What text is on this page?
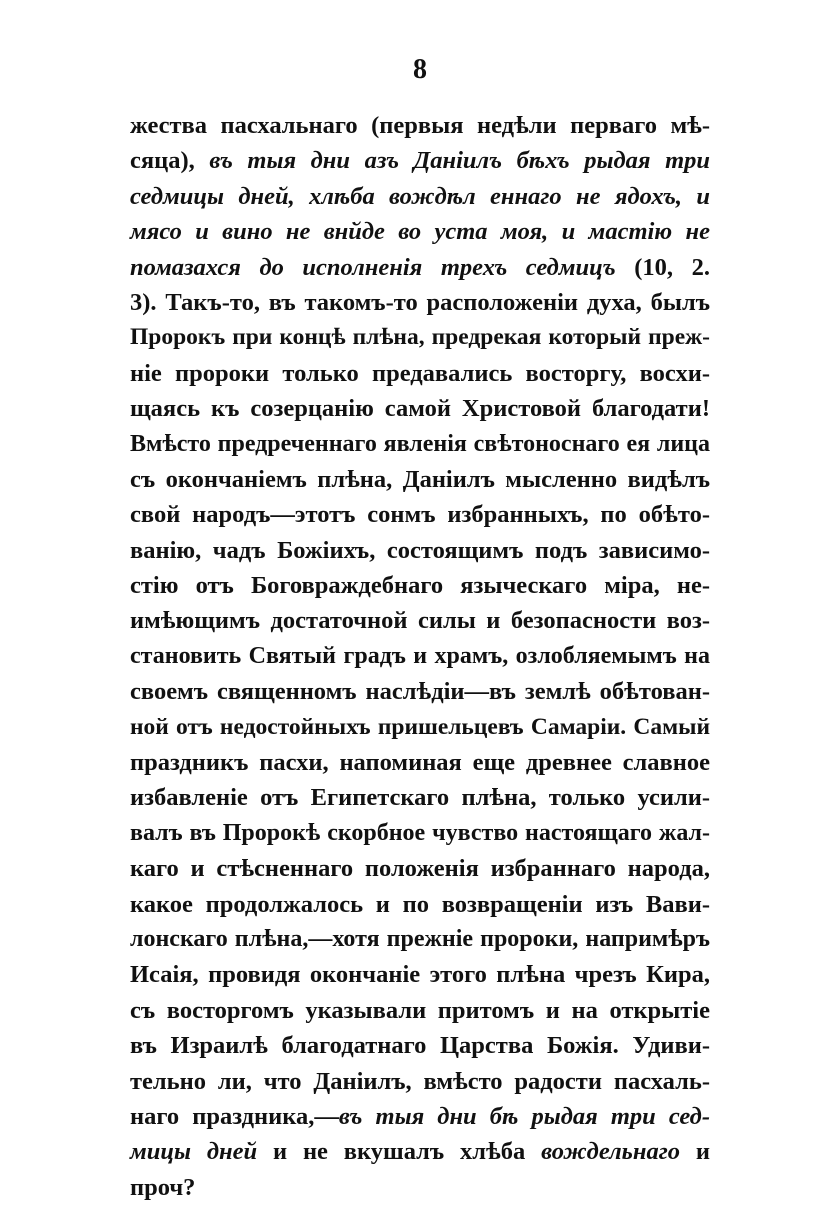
8
жества пасхальнаго (первыя недѣли перваго мѣ-
сяца), въ тыя дни азъ Даніилъ бѣхъ рыдая три
седмицы дней, хлѣба вождѣл еннаго не ядохъ, и
мясо и вино не внйде во уста моя, и мастію не
помазахся до исполненія трехъ седмицъ (10, 2.
3). Такъ-то, въ такомъ-то расположеніи духа, былъ
Пророкъ при концѣ плѣна, предрекая который преж-
ніе пророки только предавались восторгу, восхи-
щаясь къ созерцанію самой Христовой благодати!
Вмѣсто предреченнаго явленія свѣтоноснаго ея лица
съ окончаніемъ плѣна, Даніилъ мысленно видѣлъ
свой народъ—этотъ сонмъ избранныхъ, по обѣто-
ванію, чадъ Божіихъ, состоящимъ подъ зависимо-
стію отъ Боговраждебнаго языческаго міра, не-
имѣющимъ достаточной силы и безопасности воз-
становить Святый градъ и храмъ, озлобляемымъ на
своемъ священномъ наслѣдіи—въ землѣ обѣтован-
ной отъ недостойныхъ пришельцевъ Самаріи. Самый
праздникъ пасхи, напоминая еще древнее славное
избавленіе отъ Египетскаго плѣна, только усили-
валъ въ Пророкѣ скорбное чувство настоящаго жал-
каго и стѣсненнаго положенія избраннаго народа,
какое продолжалось и по возвращеніи изъ Вави-
лонскаго плѣна,—хотя прежніе пророки, напримѣръ
Исаія, провидя окончаніе этого плѣна чрезъ Кира,
съ восторгомъ указывали притомъ и на открытіе
въ Израилѣ благодатнаго Царства Божія. Удиви-
тельно ли, что Даніилъ, вмѣсто радости пасхаль-
наго праздника,—въ тыя дни бѣ рыдая три сед-
мицы дней и не вкушалъ хлѣба вождельнаго и
проч?
